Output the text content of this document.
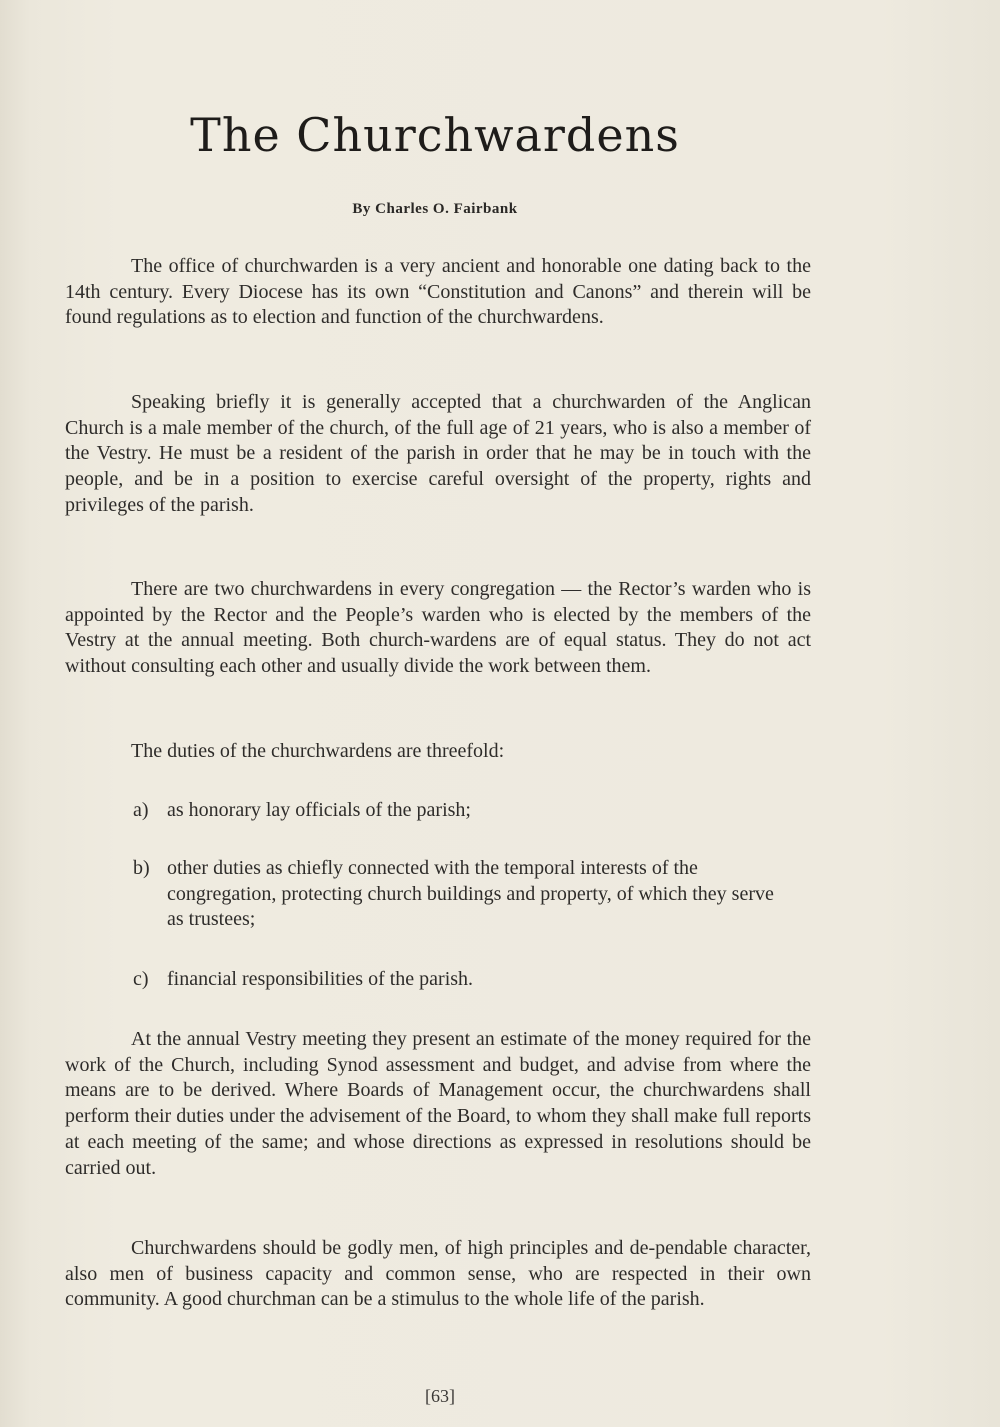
The Churchwardens
By Charles O. Fairbank

The office of churchwarden is a very ancient and honorable one dating back to the 14th century. Every Diocese has its own “Constitution and Canons” and therein will be found regulations as to election and function of the churchwardens.

Speaking briefly it is generally accepted that a churchwarden of the Anglican Church is a male member of the church, of the full age of 21 years, who is also a member of the Vestry. He must be a resident of the parish in order that he may be in touch with the people, and be in a position to exercise careful oversight of the property, rights and privileges of the parish.

There are two churchwardens in every congregation — the Rector’s warden who is appointed by the Rector and the People’s warden who is elected by the members of the Vestry at the annual meeting. Both church-wardens are of equal status. They do not act without consulting each other and usually divide the work between them.

The duties of the churchwardens are threefold:

a) as honorary lay officials of the parish;
b) other duties as chiefly connected with the temporal interests of the congregation, protecting church buildings and property, of which they serve as trustees;
c) financial responsibilities of the parish.

At the annual Vestry meeting they present an estimate of the money required for the work of the Church, including Synod assessment and budget, and advise from where the means are to be derived. Where Boards of Management occur, the churchwardens shall perform their duties under the advisement of the Board, to whom they shall make full reports at each meeting of the same; and whose directions as expressed in resolutions should be carried out.

Churchwardens should be godly men, of high principles and de-pendable character, also men of business capacity and common sense, who are respected in their own community. A good churchman can be a stimulus to the whole life of the parish.

[63]
